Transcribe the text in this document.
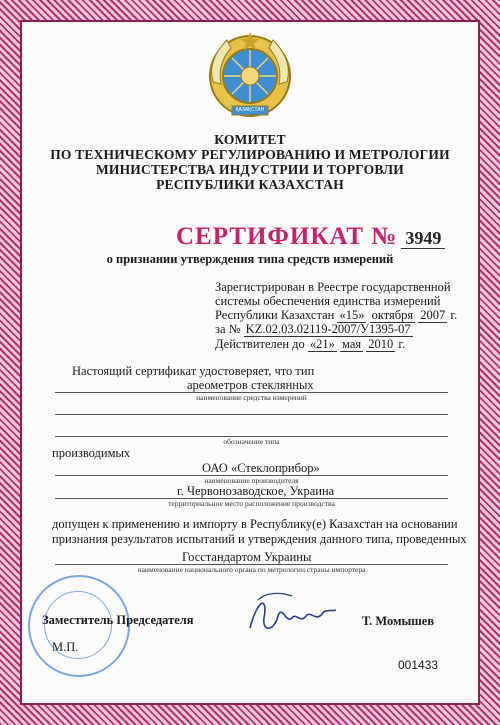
ҚАЗАҚСТАН
КОМИТЕТ
ПО ТЕХНИЧЕСКОМУ РЕГУЛИРОВАНИЮ И МЕТРОЛОГИИ
МИНИСТЕРСТВА ИНДУСТРИИ И ТОРГОВЛИ
РЕСПУБЛИКИ КАЗАХСТАН
СЕРТИФИКАТ № 3949
о признании утверждения типа средств измерений
Зарегистрирован в Реестре государственной
системы обеспечения единства измерений
Республики Казахстан «15» октября 2007 г.
за № KZ.02.03.02119-2007/У1395-07
Действителен до «21» мая 2010 г.
Настоящий сертификат удостоверяет, что тип
ареометров стеклянных
наименование средства измерений
обозначение типа
производимых
ОАО «Стеклоприбор»
наименование производителя
г. Червонозаводское, Украина
территориальное место расположение производства
допущен к применению и импорту в Республику(е) Казахстан на основании
признания результатов испытаний и утверждения данного типа, проведенных
Госстандартом Украины
наименование национального органа по метрологии страны импортера
Заместитель Председателя	Т. Момышев
М.П.
001433
